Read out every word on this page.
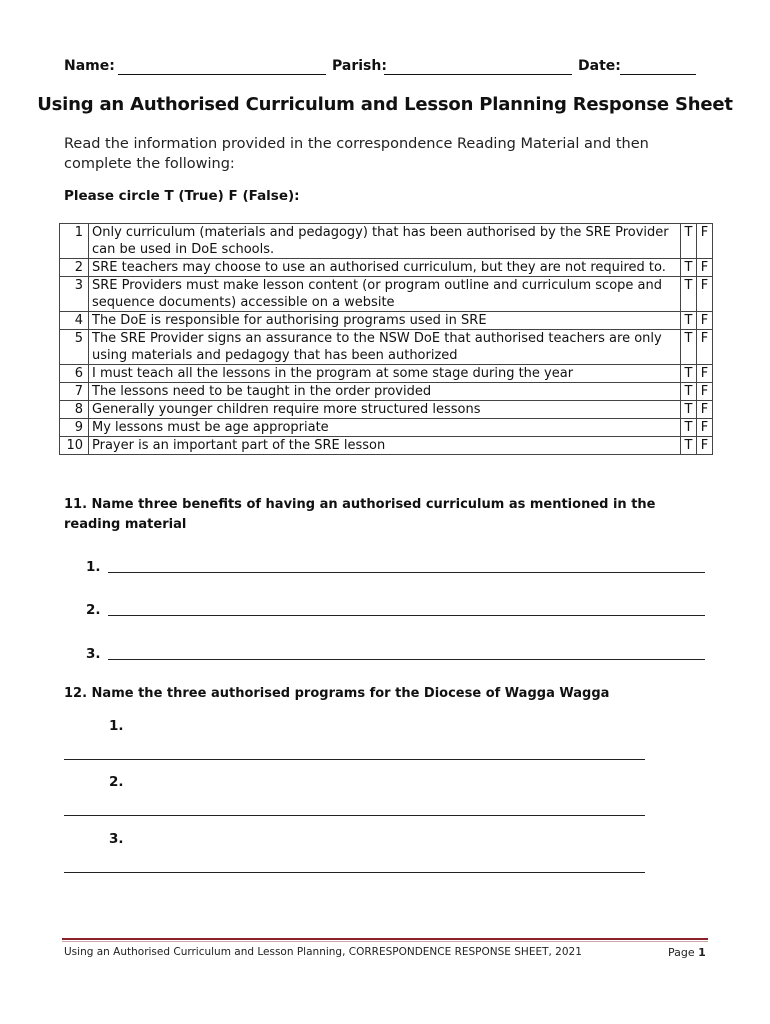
Name:	Parish:	Date:
Using an Authorised Curriculum and Lesson Planning Response Sheet
Read the information provided in the correspondence Reading Material and then complete the following:
Please circle T (True) F (False):
1	Only curriculum (materials and pedagogy) that has been authorised by the SRE Provider can be used in DoE schools.	T	F
2	SRE teachers may choose to use an authorised curriculum, but they are not required to.	T	F
3	SRE Providers must make lesson content (or program outline and curriculum scope and sequence documents) accessible on a website	T	F
4	The DoE is responsible for authorising programs used in SRE	T	F
5	The SRE Provider signs an assurance to the NSW DoE that authorised teachers are only using materials and pedagogy that has been authorized	T	F
6	I must teach all the lessons in the program at some stage during the year	T	F
7	The lessons need to be taught in the order provided	T	F
8	Generally younger children require more structured lessons	T	F
9	My lessons must be age appropriate	T	F
10	Prayer is an important part of the SRE lesson	T	F
11. Name three benefits of having an authorised curriculum as mentioned in the reading material
1.
2.
3.
12. Name the three authorised programs for the Diocese of Wagga Wagga
1.
2.
3.
Using an Authorised Curriculum and Lesson Planning, CORRESPONDENCE RESPONSE SHEET, 2021	Page 1
